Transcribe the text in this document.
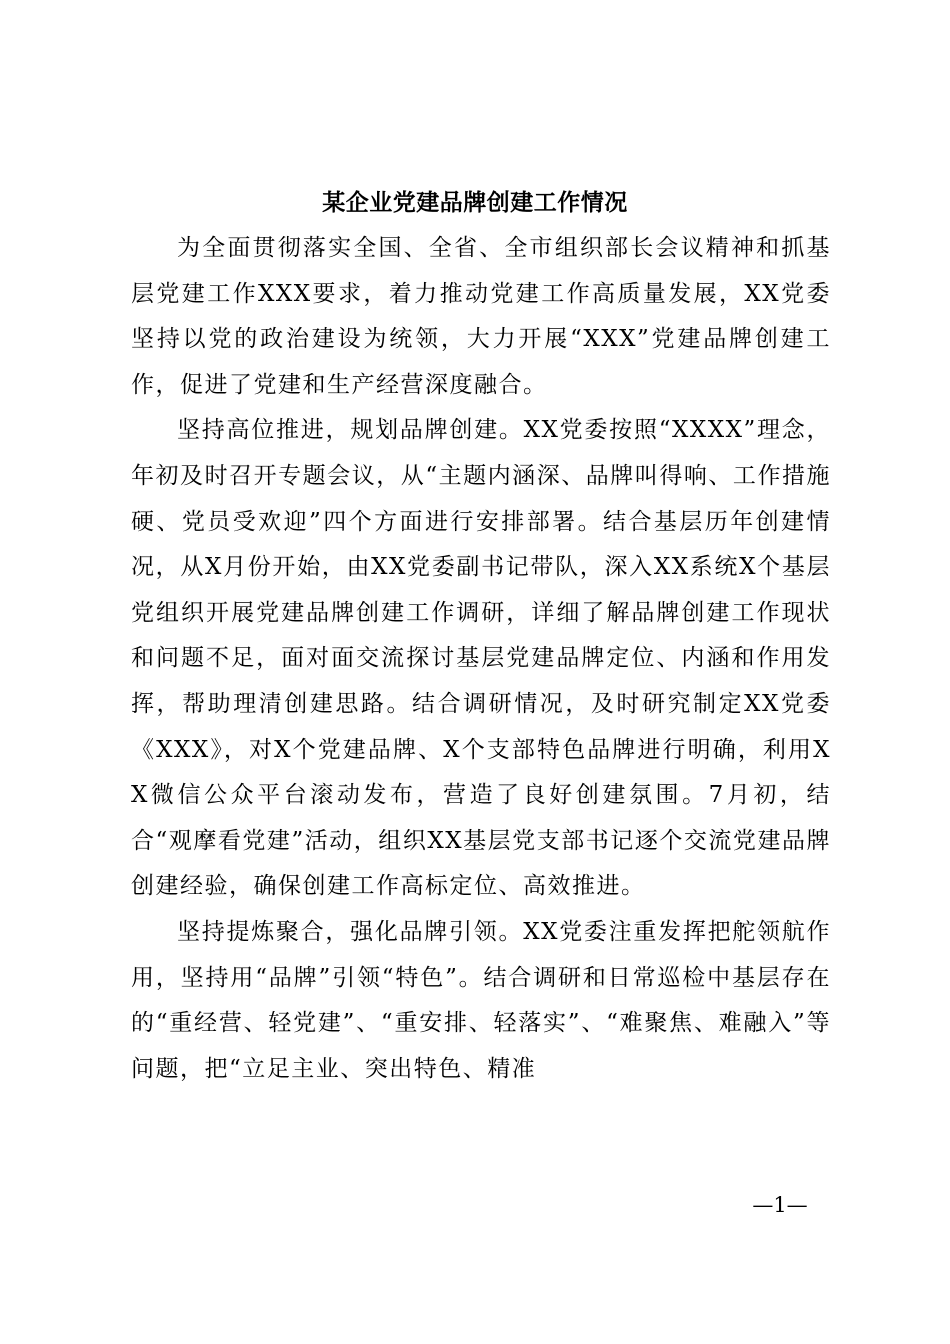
某企业党建品牌创建工作情况

为全面贯彻落实全国、全省、全市组织部长会议精神和抓基层党建工作XXX要求，着力推动党建工作高质量发展，XX党委坚持以党的政治建设为统领，大力开展“XXX”党建品牌创建工作，促进了党建和生产经营深度融合。

坚持高位推进，规划品牌创建。XX党委按照“XXXX”理念，年初及时召开专题会议，从“主题内涵深、品牌叫得响、工作措施硬、党员受欢迎”四个方面进行安排部署。结合基层历年创建情况，从X月份开始，由XX党委副书记带队，深入XX系统X个基层党组织开展党建品牌创建工作调研，详细了解品牌创建工作现状和问题不足，面对面交流探讨基层党建品牌定位、内涵和作用发挥，帮助理清创建思路。结合调研情况，及时研究制定XX党委《XXX》，对X个党建品牌、X个支部特色品牌进行明确，利用XX微信公众平台滚动发布，营造了良好创建氛围。7月初，结合“观摩看党建”活动，组织XX基层党支部书记逐个交流党建品牌创建经验，确保创建工作高标定位、高效推进。

坚持提炼聚合，强化品牌引领。XX党委注重发挥把舵领航作用，坚持用“品牌”引领“特色”。结合调研和日常巡检中基层存在的“重经营、轻党建”、“重安排、轻落实”、“难聚焦、难融入”等问题，把“立足主业、突出特色、精准

—1—
